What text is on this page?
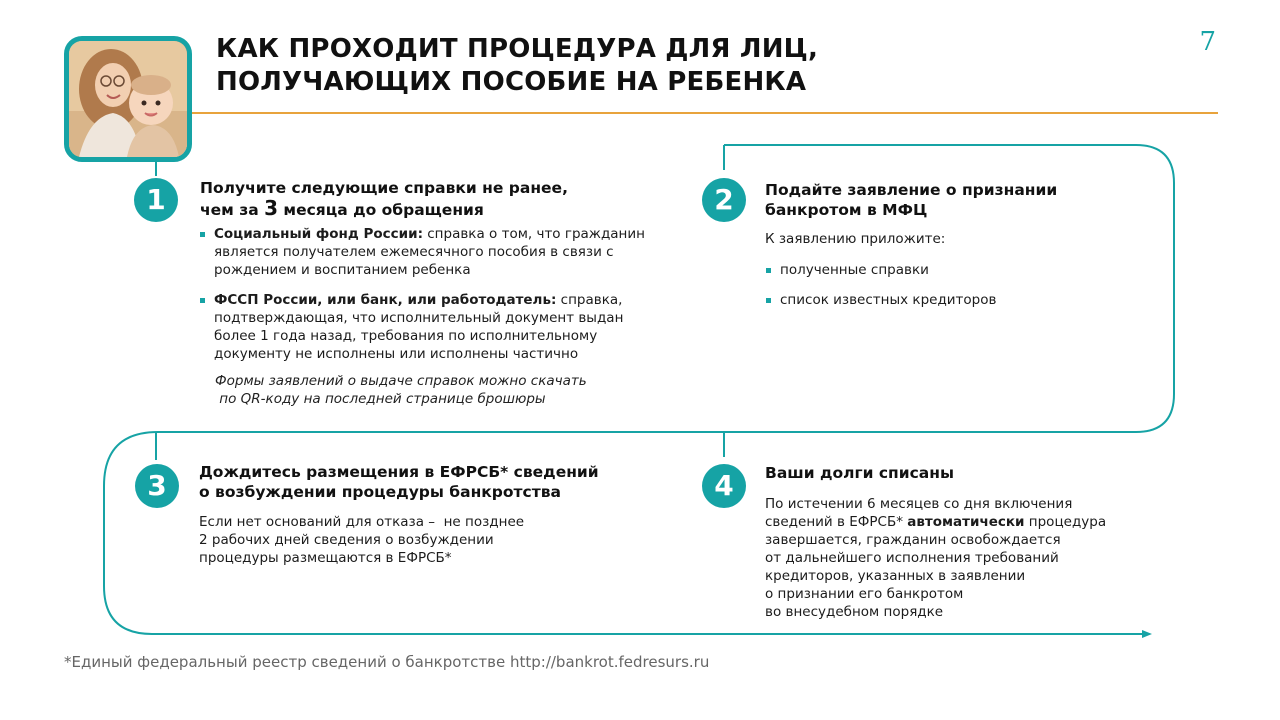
КАК ПРОХОДИТ ПРОЦЕДУРА ДЛЯ ЛИЦ,
ПОЛУЧАЮЩИХ ПОСОБИЕ НА РЕБЕНКА
7
1	Получите следующие справки не ранее,
чем за 3 месяца до обращения
Социальный фонд России: справка о том, что гражданин
является получателем ежемесячного пособия в связи с
рождением и воспитанием ребенка
ФССП России, или банк, или работодатель: справка,
подтверждающая, что исполнительный документ выдан
более 1 года назад, требования по исполнительному
документу не исполнены или исполнены частично
Формы заявлений о выдаче справок можно скачать
по QR-коду на последней странице брошюры
2	Подайте заявление о признании
банкротом в МФЦ
К заявлению приложите:
полученные справки
список известных кредиторов
3	Дождитесь размещения в ЕФРСБ* сведений
о возбуждении процедуры банкротства
Если нет оснований для отказа –  не позднее
2 рабочих дней сведения о возбуждении
процедуры размещаются в ЕФРСБ*
4	Ваши долги списаны
По истечении 6 месяцев со дня включения
сведений в ЕФРСБ* автоматически процедура
завершается, гражданин освобождается
от дальнейшего исполнения требований
кредиторов, указанных в заявлении
о признании его банкротом
во внесудебном порядке
*Единый федеральный реестр сведений о банкротстве http://bankrot.fedresurs.ru
